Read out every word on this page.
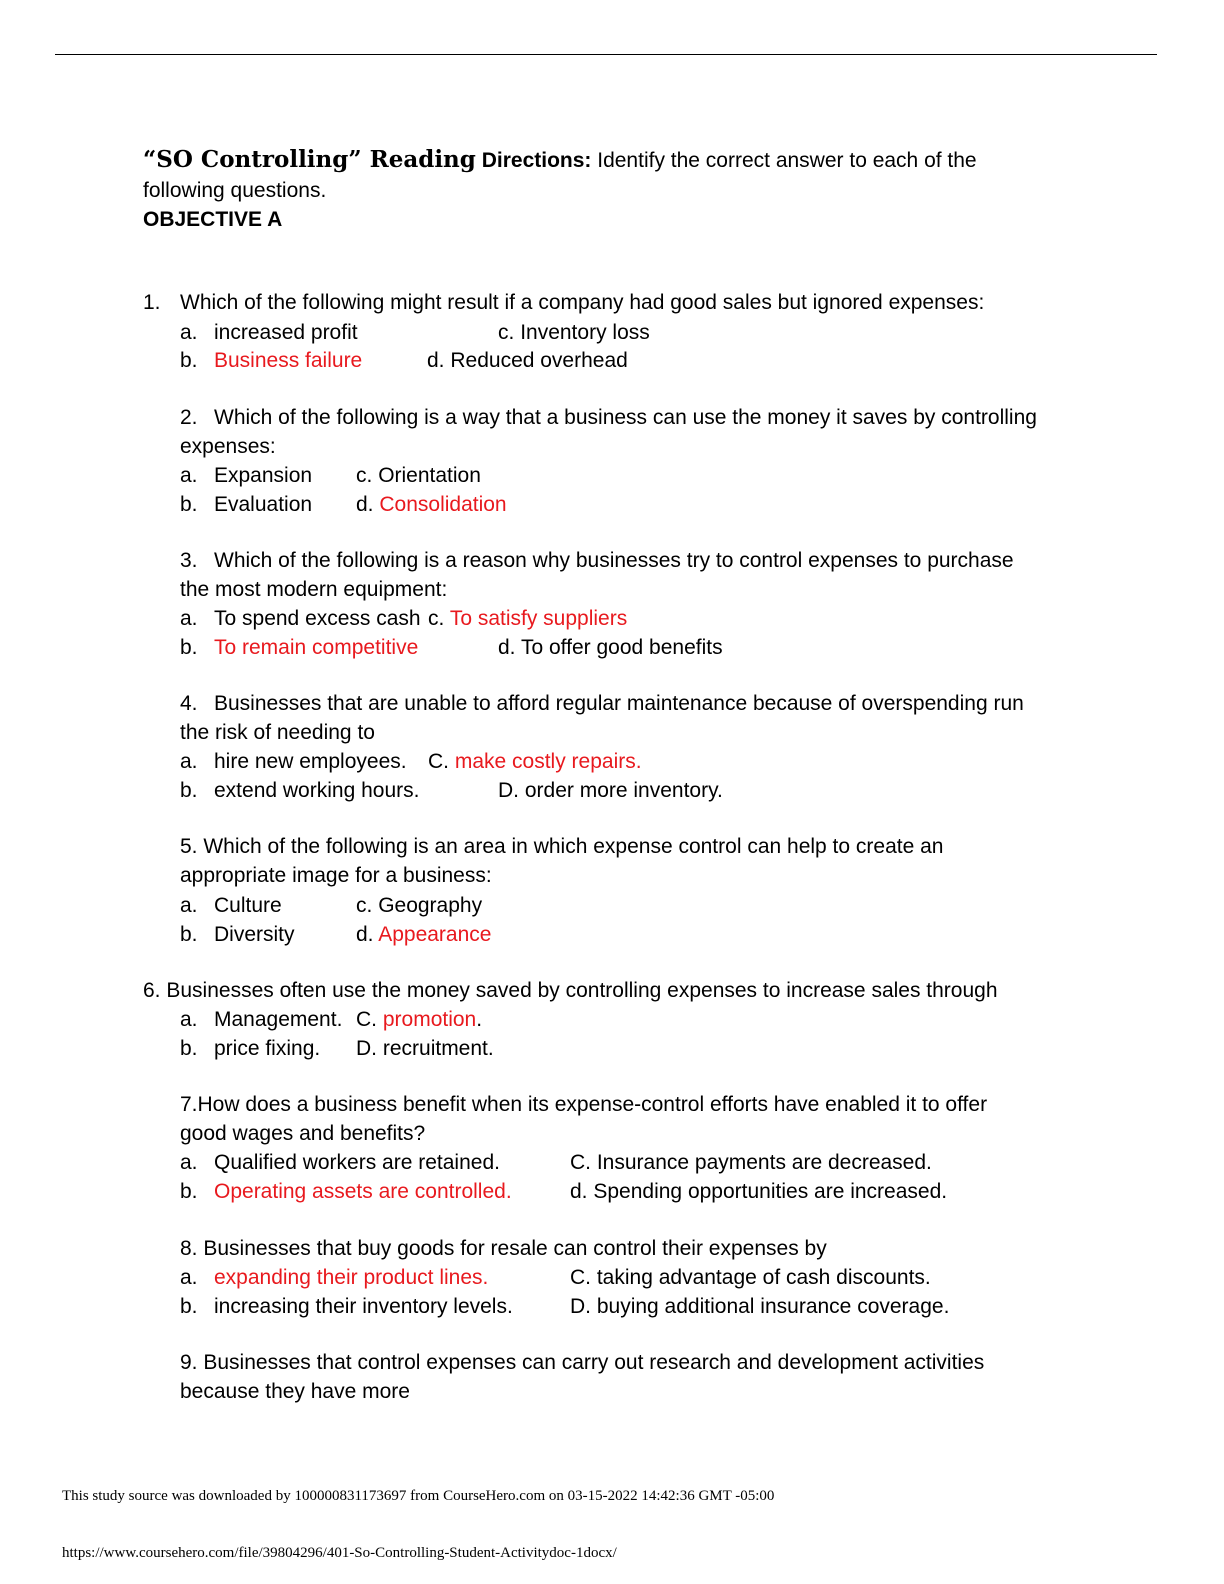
“SO Controlling” Reading Directions: Identify the correct answer to each of the
following questions.
OBJECTIVE A
1. Which of the following might result if a company had good sales but ignored expenses:
a. increased profit	c. Inventory loss
b. Business failure	d. Reduced overhead
2. Which of the following is a way that a business can use the money it saves by controlling
expenses:
a. Expansion c. Orientation
b. Evaluation d. Consolidation
3. Which of the following is a reason why businesses try to control expenses to purchase
the most modern equipment:
a. To spend excess cash c. To satisfy suppliers
b. To remain competitive	d. To offer good benefits
4. Businesses that are unable to afford regular maintenance because of overspending run
the risk of needing to
a. hire new employees. C. make costly repairs.
b. extend working hours.	D. order more inventory.
5. Which of the following is an area in which expense control can help to create an
appropriate image for a business:
a. Culture	c. Geography
b. Diversity	d. Appearance
6. Businesses often use the money saved by controlling expenses to increase sales through
a. Management. C. promotion.
b. price fixing. D. recruitment.
7.How does a business benefit when its expense-control efforts have enabled it to offer
good wages and benefits?
a. Qualified workers are retained.	C. Insurance payments are decreased.
b. Operating assets are controlled.	d. Spending opportunities are increased.
8. Businesses that buy goods for resale can control their expenses by
a. expanding their product lines.	C. taking advantage of cash discounts.
b. increasing their inventory levels.	D. buying additional insurance coverage.
9. Businesses that control expenses can carry out research and development activities
because they have more
This study source was downloaded by 100000831173697 from CourseHero.com on 03-15-2022 14:42:36 GMT -05:00
https://www.coursehero.com/file/39804296/401-So-Controlling-Student-Activitydoc-1docx/
